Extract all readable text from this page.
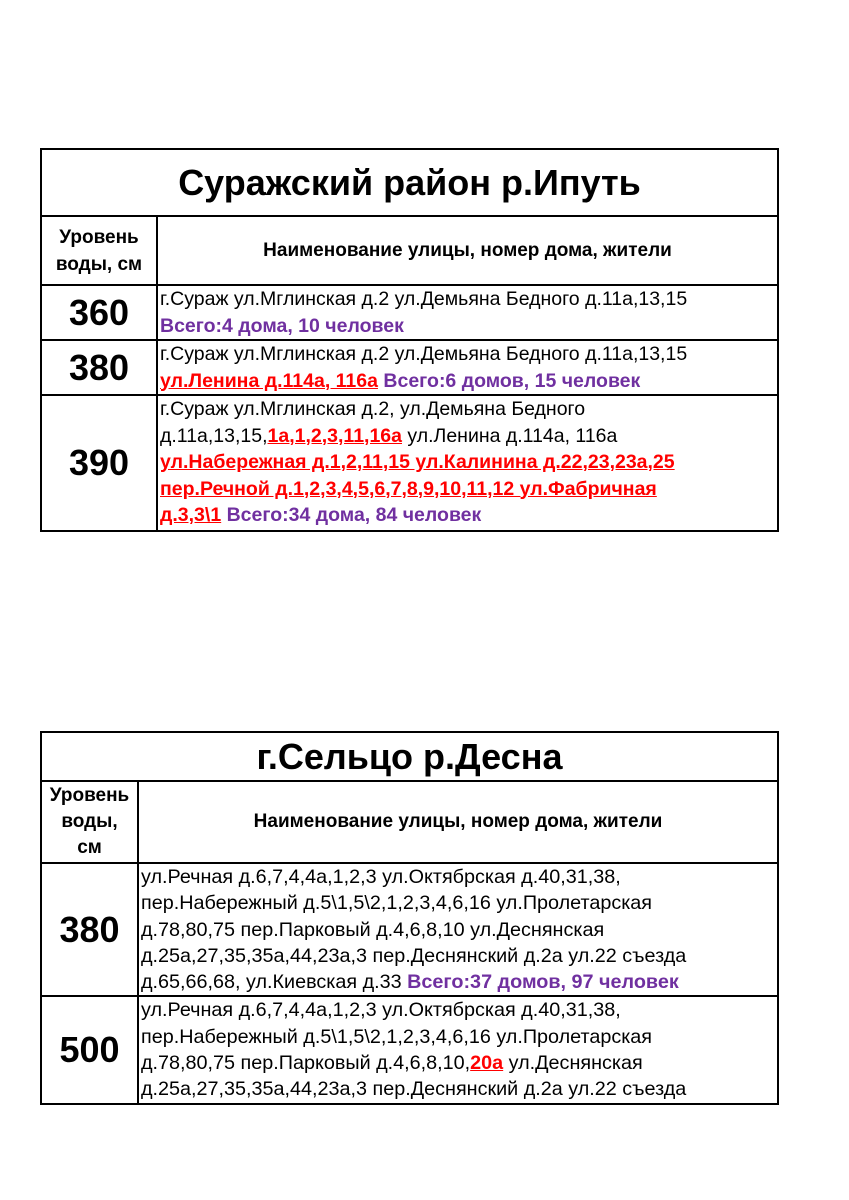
Суражский район р.Ипуть	

Уровень
воды, см	Наименование улицы, номер дома, жители
360	г.Сураж ул.Мглинская д.2 ул.Демьяна Бедного д.11а,13,15
Всего:4 дома, 10 человек

380	г.Сураж ул.Мглинская д.2 ул.Демьяна Бедного д.11а,13,15
ул.Ленина д.114а, 116а Всего:6 домов, 15 человек

390	г.Сураж ул.Мглинская д.2, ул.Демьяна Бедного
д.11а,13,15,1а,1,2,3,11,16а ул.Ленина д.114а, 116а
ул.Набережная д.1,2,11,15 ул.Калинина д.22,23,23а,25
пер.Речной д.1,2,3,4,5,6,7,8,9,10,11,12 ул.Фабричная
д.3,3\1 Всего:34 дома, 84 человек
г.Сельцо р.Десна	

Уровень
воды,
см	Наименование улицы, номер дома, жители
380	ул.Речная д.6,7,4,4а,1,2,3 ул.Октябрская д.40,31,38,
пер.Набережный д.5\1,5\2,1,2,3,4,6,16 ул.Пролетарская
д.78,80,75 пер.Парковый д.4,6,8,10 ул.Деснянская
д.25а,27,35,35а,44,23а,3 пер.Деснянский д.2а ул.22 съезда
д.65,66,68, ул.Киевская д.33 Всего:37 домов, 97 человек

500	ул.Речная д.6,7,4,4а,1,2,3 ул.Октябрская д.40,31,38,
пер.Набережный д.5\1,5\2,1,2,3,4,6,16 ул.Пролетарская
д.78,80,75 пер.Парковый д.4,6,8,10,20а ул.Деснянская
д.25а,27,35,35а,44,23а,3 пер.Деснянский д.2а ул.22 съезда
